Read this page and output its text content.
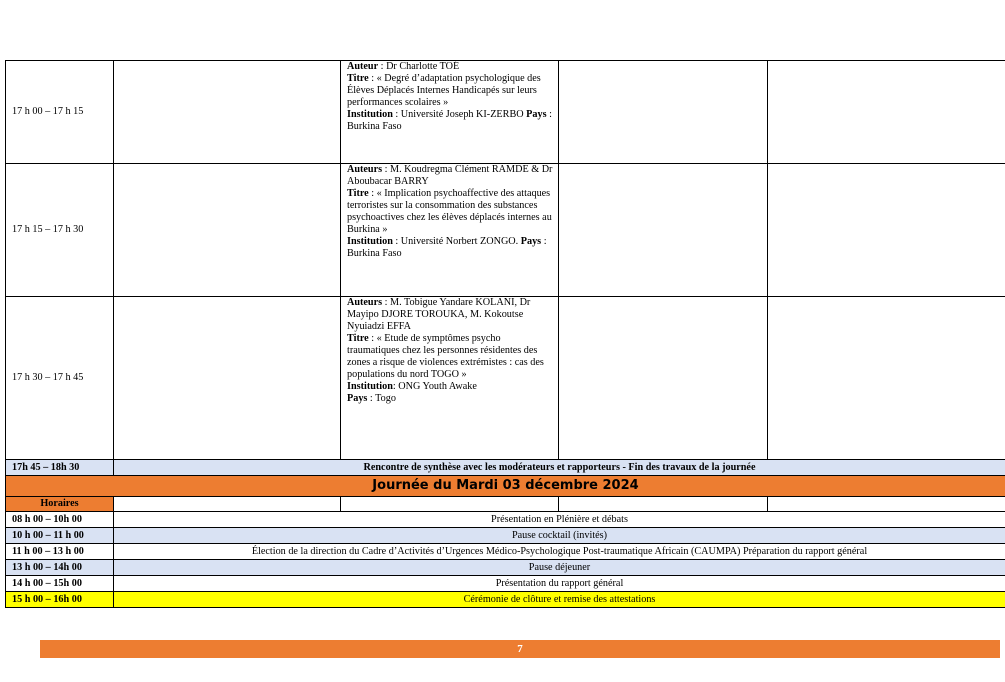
17 h 00 – 17 h 15		Auteur : Dr Charlotte TOÉ
Titre : « Degré d’adaptation psychologique des Élèves Déplacés Internes Handicapés sur leurs performances scolaires »
Institution : Université Joseph KI-ZERBO Pays : Burkina Faso		
17 h 15 – 17 h 30		Auteurs : M. Koudregma Clément RAMDE & Dr Aboubacar BARRY
Titre : « Implication psychoaffective des attaques terroristes sur la consommation des substances psychoactives chez les élèves déplacés internes au Burkina »
Institution : Université Norbert ZONGO. Pays : Burkina Faso		
17 h 30 – 17 h 45		Auteurs : M. Tobigue Yandare KOLANI, Dr Mayipo DJORE TOROUKA, M. Kokoutse Nyuiadzi EFFA
Titre : « Etude de symptômes psycho traumatiques chez les personnes résidentes des zones a risque de violences extrémistes : cas des populations du nord TOGO »
Institution: ONG Youth Awake
Pays : Togo		
17h 45 – 18h 30	Rencontre de synthèse avec les modérateurs et rapporteurs - Fin des travaux de la journée			
Journée du Mardi 03 décembre 2024				
Horaires				
08 h 00 – 10h 00	Présentation en Plénière et débats			
10 h 00 – 11 h 00	Pause cocktail (invités)			
11 h 00 – 13 h 00	Élection de la direction du Cadre d’Activités d’Urgences Médico-Psychologique Post-traumatique Africain (CAUMPA) Préparation du rapport général			
13 h 00 – 14h 00	Pause déjeuner			
14 h 00 – 15h 00	Présentation du rapport général			
15 h 00 – 16h 00	Cérémonie de clôture et remise des attestations			
7
